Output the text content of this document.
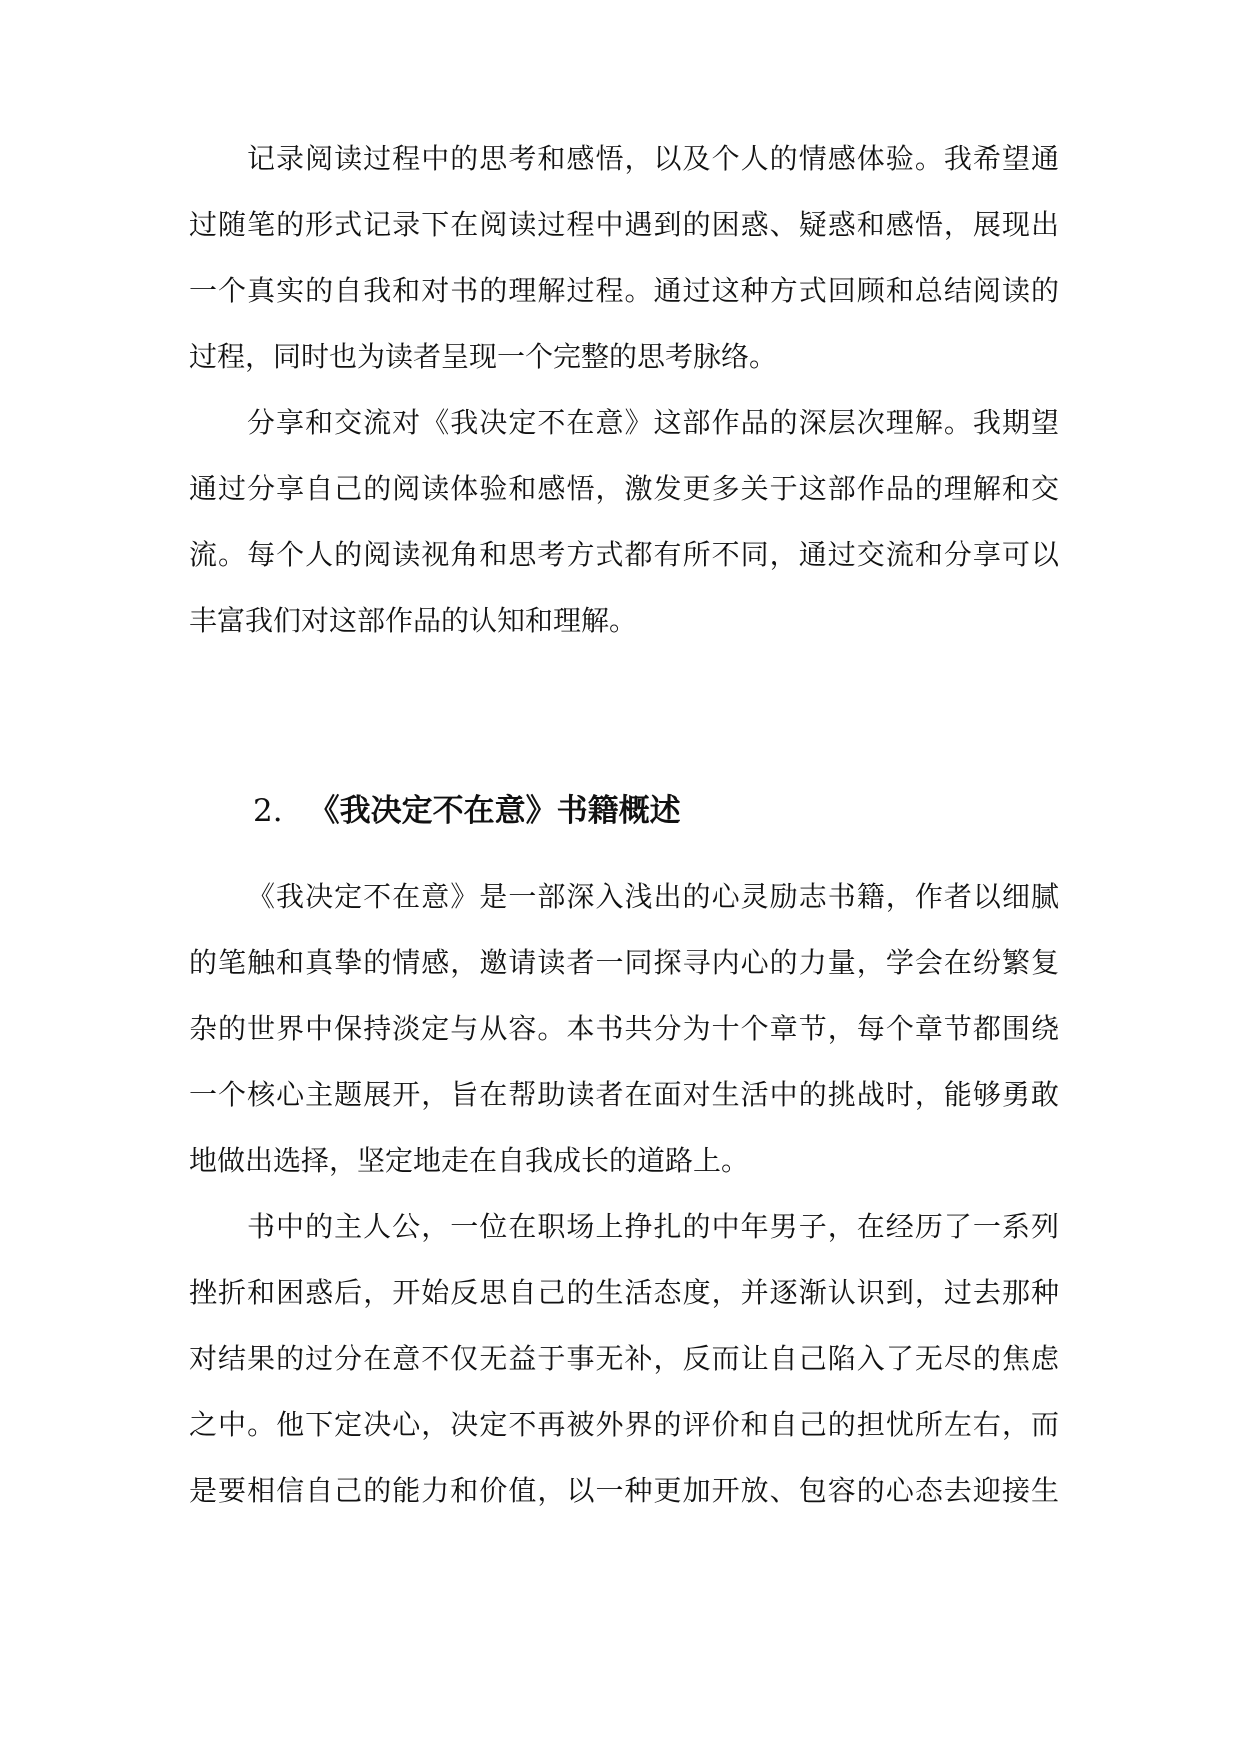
记录阅读过程中的思考和感悟，以及个人的情感体验。我希望通
过随笔的形式记录下在阅读过程中遇到的困惑、疑惑和感悟，展现出
一个真实的自我和对书的理解过程。通过这种方式回顾和总结阅读的
过程，同时也为读者呈现一个完整的思考脉络。
分享和交流对《我决定不在意》这部作品的深层次理解。我期望
通过分享自己的阅读体验和感悟，激发更多关于这部作品的理解和交
流。每个人的阅读视角和思考方式都有所不同，通过交流和分享可以
丰富我们对这部作品的认知和理解。
2. 《我决定不在意》书籍概述
《我决定不在意》是一部深入浅出的心灵励志书籍，作者以细腻
的笔触和真挚的情感，邀请读者一同探寻内心的力量，学会在纷繁复
杂的世界中保持淡定与从容。本书共分为十个章节，每个章节都围绕
一个核心主题展开，旨在帮助读者在面对生活中的挑战时，能够勇敢
地做出选择，坚定地走在自我成长的道路上。
书中的主人公，一位在职场上挣扎的中年男子，在经历了一系列
挫折和困惑后，开始反思自己的生活态度，并逐渐认识到，过去那种
对结果的过分在意不仅无益于事无补，反而让自己陷入了无尽的焦虑
之中。他下定决心，决定不再被外界的评价和自己的担忧所左右，而
是要相信自己的能力和价值，以一种更加开放、包容的心态去迎接生
